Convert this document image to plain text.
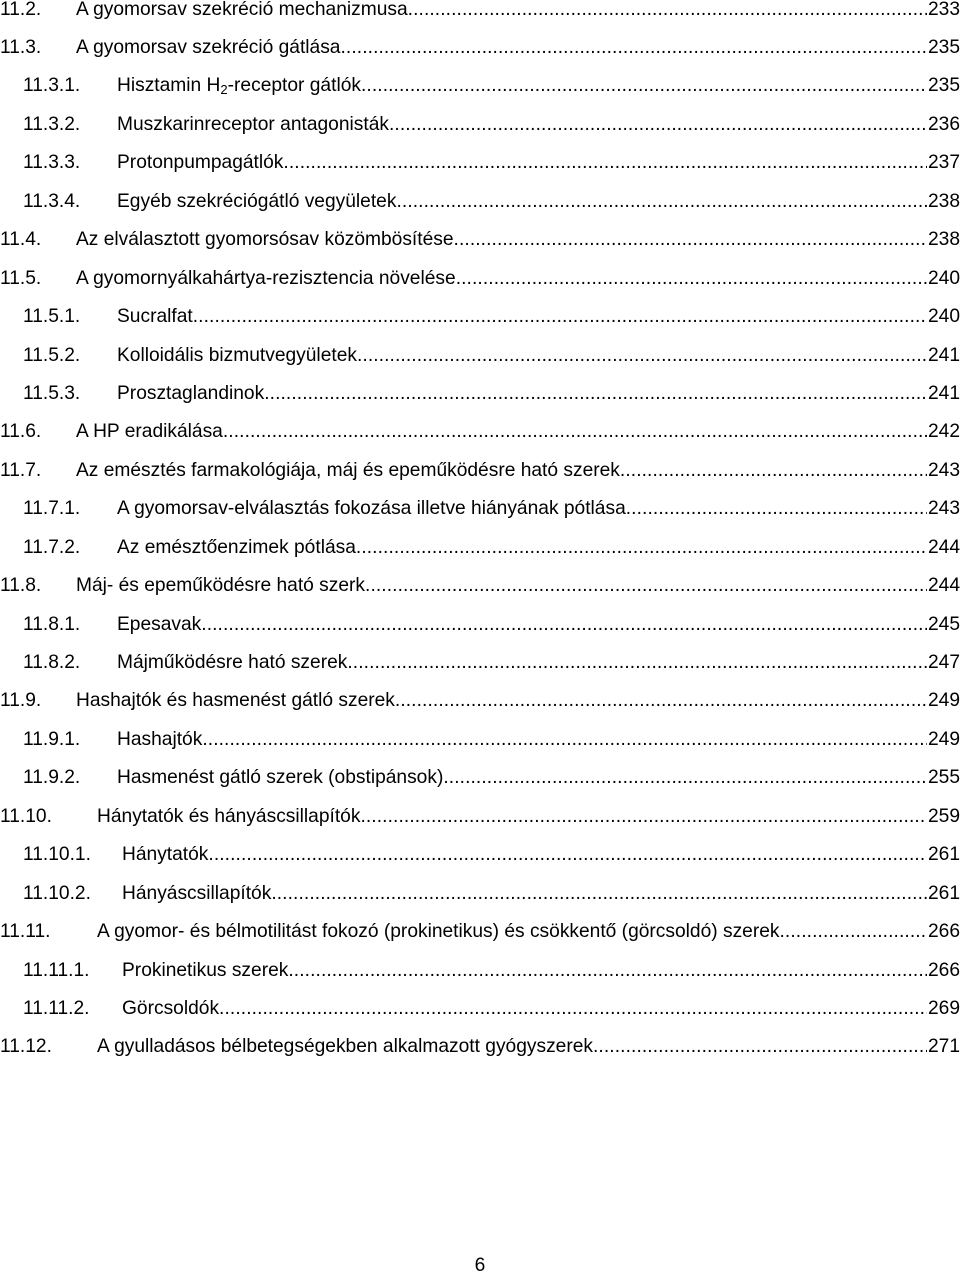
11.2.	A gyomorsav szekréció mechanizmusa .....	233
11.3.	A gyomorsav szekréció gátlása .....	235
11.3.1.	Hisztamin $H_2$-receptor gátlók .....	235
11.3.2.	Muszkarinreceptor antagonisták .....	236
11.3.3.	Protonpumpagátlók .....	237
11.3.4.	Egyéb szekréciógátló vegyületek .....	238
11.4.	Az elválasztott gyomorsósav közömbösítése .....	238
11.5.	A gyomornyálkahártya-rezisztencia növelése .....	240
11.5.1.	Sucralfat .....	240
11.5.2.	Kolloidális bizmutvegyületek .....	241
11.5.3.	Prosztaglandinok .....	241
11.6.	A HP eradikálása .....	242
11.7.	Az emésztés farmakológiája, máj és epeműködésre ható szerek .....	243
11.7.1.	A gyomorsav-elválasztás fokozása illetve hiányának pótlása .....	243
11.7.2.	Az emésztőenzimek pótlása .....	244
11.8.	Máj- és epeműködésre ható szerk .....	244
11.8.1.	Epesavak .....	245
11.8.2.	Májműködésre ható szerek .....	247
11.9.	Hashajtók és hasmenést gátló szerek .....	249
11.9.1.	Hashajtók .....	249
11.9.2.	Hasmenést gátló szerek (obstipánsok) .....	255
11.10.	Hánytatók és hányáscsillapítók .....	259
11.10.1.	Hánytatók .....	261
11.10.2.	Hányáscsillapítók .....	261
11.11.	A gyomor- és bélmotilitást fokozó (prokinetikus) és csökkentő (görcsoldó) szerek .....	266
11.11.1.	Prokinetikus szerek .....	266
11.11.2.	Görcsoldók .....	269
11.12.	A gyulladásos bélbetegségekben alkalmazott gyógyszerek .....	271
6
